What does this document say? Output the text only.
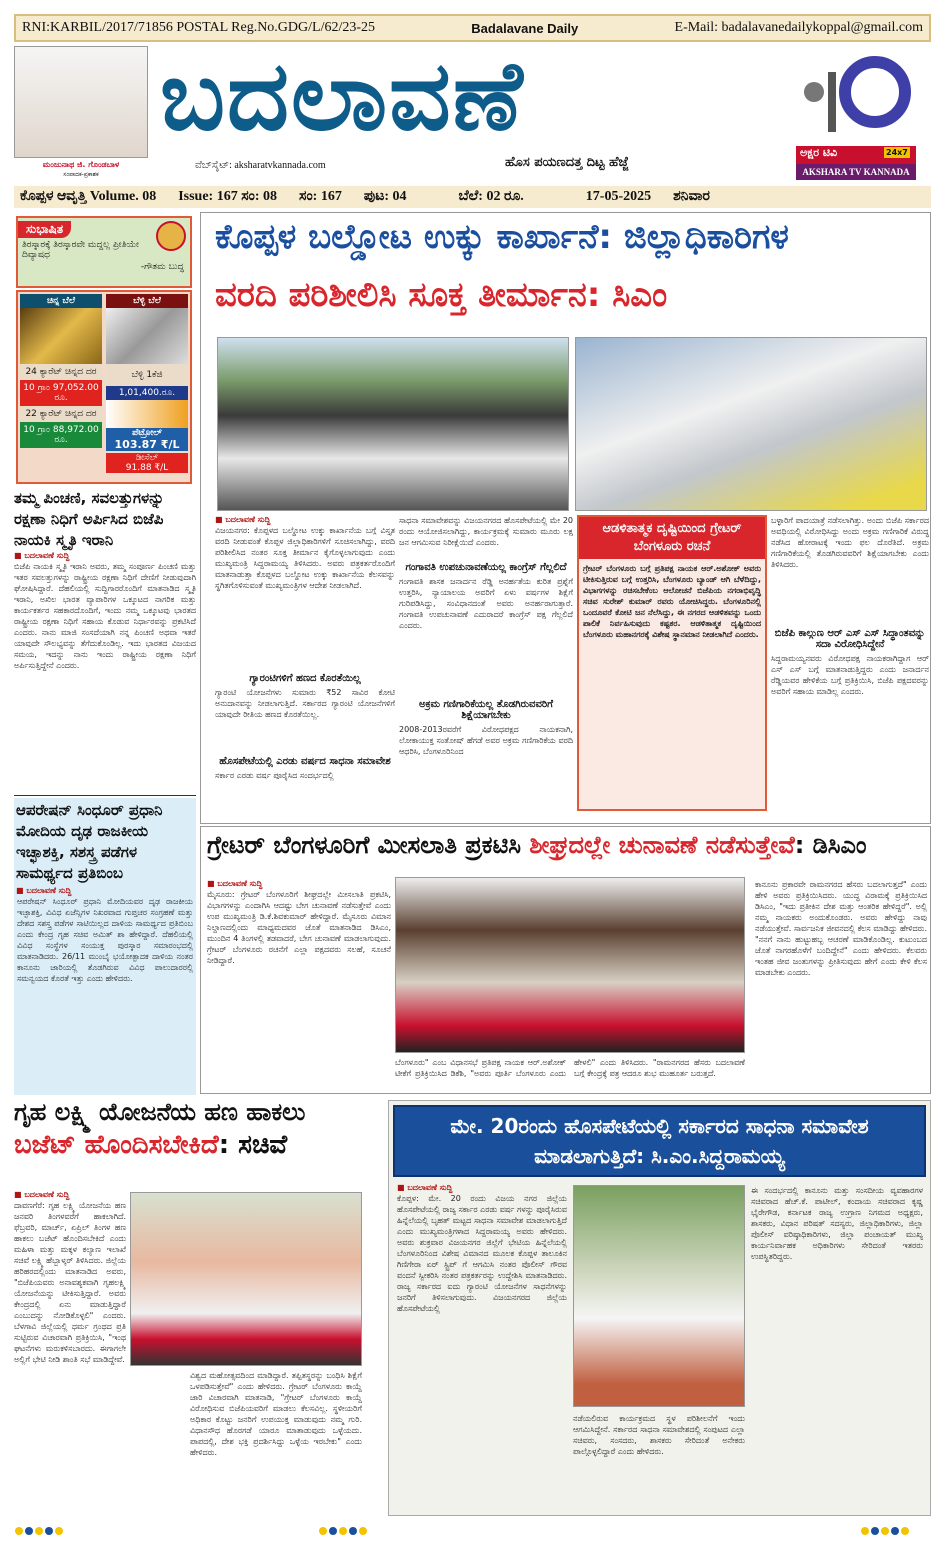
RNI:KARBIL/2017/71856 POSTAL Reg.No.GDG/L/62/23-25	Badalavane Daily	E-Mail: badalavanedailykoppal@gmail.com
ಮಂಜುನಾಥ ಜಿ. ಗೊಂಡಬಾಳ
ಸಂಪಾದಕ-ಪ್ರಕಾಶಕ
ಬದಲಾವಣೆ
ವೆಬ್‌ಸೈಟ್: aksharatvkannada.com	ಹೊಸ ಪಯಣದತ್ತ ದಿಟ್ಟ ಹೆಜ್ಜೆ
ಅಕ್ಷರ ಟಿವಿ	24x7
AKSHARA TV KANNADA
ಕೊಪ್ಪಳ ಆವೃತ್ತಿ Volume. 08 Issue: 167 ಸಂ: 08 ಸಂ: 167 ಪುಟ: 04	ಬೆಲೆ: 02 ರೂ.	17-05-2025 ಶನಿವಾರ
ಸುಭಾಷಿತ
ತಿರಸ್ಕಾರಕ್ಕೆ ತಿರಸ್ಕಾರವೇ ಮದ್ದಲ್ಲ ಪ್ರೀತಿಯೇ ದಿವ್ಯಾಷಧ
-ಗೌತಮ ಬುದ್ಧ
ಚಿನ್ನ ಬೆಲೆ
24 ಕ್ಯಾರೆಟ್ ಚಿನ್ನದ ದರ
10 ಗ್ರಾಂ 97,052.00 ರೂ.
22 ಕ್ಯಾರೆಟ್ ಚಿನ್ನದ ದರ
10 ಗ್ರಾಂ 88,972.00 ರೂ.
ಬೆಳ್ಳಿ ಬೆಲೆ
ಬೆಳ್ಳಿ 1ಕೆಜಿ
1,01,400.ರೂ.
ಪೆಟ್ರೋಲ್
103.87 ₹/L
ಡೀಸೆಲ್
91.88 ₹/L
ತಮ್ಮ ಪಿಂಚಣಿ, ಸವಲತ್ತುಗಳನ್ನು ರಕ್ಷಣಾ ನಿಧಿಗೆ ಅರ್ಪಿಸಿದ ಬಿಜೆಪಿ ನಾಯಕಿ ಸ್ಮೃತಿ ಇರಾನಿ
■ ಬದಲಾವಣೆ ಸುದ್ದಿ
ಬಿಜೆಪಿ ನಾಯಕಿ ಸ್ಮೃತಿ ಇರಾನಿ ಅವರು, ತಮ್ಮ ಸಂಪೂರ್ಣ ಪಿಂಚಣಿ ಮತ್ತು ಇತರ ಸವಲತ್ತುಗಳನ್ನು ರಾಷ್ಟ್ರೀಯ ರಕ್ಷಣಾ ನಿಧಿಗೆ ದೇಣಿಗೆ ನೀಡುವುದಾಗಿ ಘೋಷಿಸಿದ್ದಾರೆ. ದೆಹಲಿಯಲ್ಲಿ ಸುದ್ದಿಗಾರರೊಂದಿಗೆ ಮಾತನಾಡಿದ ಸ್ಮೃತಿ ಇರಾನಿ, ಅಖಿಲ ಭಾರತ ವ್ಯಾಪಾರಿಗಳ ಒಕ್ಕೂಟದ ನಾಗರಿಕ ಮತ್ತು ಕಾರ್ಯಕರ್ತರ ಸಹಕಾರದೊಂದಿಗೆ, ಇಂದು ನಮ್ಮ ಒಕ್ಕೂಟವು ಭಾರತದ ರಾಷ್ಟ್ರೀಯ ರಕ್ಷಣಾ ನಿಧಿಗೆ ಸಹಾಯ ಕೊಡುವ ನಿರ್ಧಾರವನ್ನು ಪ್ರಕಟಿಸಿದೆ ಎಂದರು. ನಾನು ಮಾಜಿ ಸಂಸದೆಯಾಗಿ ನನ್ನ ಪಿಂಚಣಿ ಅಥವಾ ಇತರೆ ಯಾವುದೇ ಸೌಲಭ್ಯವನ್ನು ತೆಗೆದುಕೊಂಡಿಲ್ಲ. ಇದು ಭಾರತದ ವಿಜಯದ ಸಮಯ, ಇದನ್ನು ನಾನು ಇಂದು ರಾಷ್ಟ್ರೀಯ ರಕ್ಷಣಾ ನಿಧಿಗೆ ಅರ್ಪಿಸುತ್ತಿದ್ದೇನೆ ಎಂದರು.
ಆಪರೇಷನ್ ಸಿಂಧೂರ್ ಪ್ರಧಾನಿ ಮೋದಿಯ ದೃಢ ರಾಜಕೀಯ ಇಚ್ಛಾಶಕ್ತಿ, ಸಶಸ್ತ್ರ ಪಡೆಗಳ ಸಾಮರ್ಥ್ಯದ ಪ್ರತಿಬಿಂಬ
■ ಬದಲಾವಣೆ ಸುದ್ದಿ
ಆಪರೇಷನ್ ಸಿಂಧೂರ್ ಪ್ರಧಾನಿ ಮೋದಿಯವರ ದೃಢ ರಾಜಕೀಯ ಇಚ್ಛಾಶಕ್ತಿ, ವಿವಿಧ ಏಜೆನ್ಸಿಗಳ ನಿಖರವಾದ ಗುಪ್ತಚರ ಸಂಗ್ರಹಣೆ ಮತ್ತು ದೇಶದ ಸಶಸ್ತ್ರ ಪಡೆಗಳ ಸಾಟಿಯಿಲ್ಲದ ದಾಳಿಯ ಸಾಮರ್ಥ್ಯದ ಪ್ರತಿಬಿಂಬ ಎಂದು ಕೇಂದ್ರ ಗೃಹ ಸಚಿವ ಅಮಿತ್ ಶಾ ಹೇಳಿದ್ದಾರೆ. ದೆಹಲಿಯಲ್ಲಿ ವಿವಿಧ ಸಂಸ್ಥೆಗಳ ಸಂಯುಕ್ತ ಪುರಸ್ಕಾರ ಸಮಾರಂಭದಲ್ಲಿ ಮಾತನಾಡಿದರು. 26/11 ಮುಂಬೈ ಭಯೋತ್ಪಾದಕ ದಾಳಿಯ ನಂತರ ಕಾನೂನು ಜಾರಿಯಲ್ಲಿ ತೊಡಗಿರುವ ವಿವಿಧ ಪಾಲುದಾರರಲ್ಲಿ ಸಮನ್ವಯದ ಕೊರತೆ ಇತ್ತು ಎಂದು ಹೇಳಿದರು.
ಕೊಪ್ಪಳ ಬಲ್ಡೋಟ ಉಕ್ಕು ಕಾರ್ಖಾನೆ: ಜಿಲ್ಲಾಧಿಕಾರಿಗಳ
ವರದಿ ಪರಿಶೀಲಿಸಿ ಸೂಕ್ತ ತೀರ್ಮಾನ: ಸಿಎಂ
■ ಬದಲಾವಣೆ ಸುದ್ದಿ
ವಿಜಯನಗರ: ಕೊಪ್ಪಳದ ಬಲ್ಡೋಟ ಉಕ್ಕು ಕಾರ್ಖಾನೆಯ ಬಗ್ಗೆ ವಿಸ್ತೃತ ವರದಿ ನೀಡುವಂತೆ ಕೊಪ್ಪಳ ಜಿಲ್ಲಾಧಿಕಾರಿಗಳಿಗೆ ಸೂಚಿಸಲಾಗಿದ್ದು, ವರದಿ ಪರಿಶೀಲಿಸಿದ ನಂತರ ಸೂಕ್ತ ತೀರ್ಮಾನ ಕೈಗೊಳ್ಳಲಾಗುವುದು ಎಂದು ಮುಖ್ಯಮಂತ್ರಿ ಸಿದ್ದರಾಮಯ್ಯ ತಿಳಿಸಿದರು. ಅವರು ಪತ್ರಕರ್ತರೊಂದಿಗೆ ಮಾತನಾಡುತ್ತಾ ಕೊಪ್ಪಳದ ಬಲ್ಡೋಟ ಉಕ್ಕು ಕಾರ್ಖಾನೆಯ ಕೆಲಸವನ್ನು ಸ್ಥಗಿತಗೊಳಿಸುವಂತೆ ಮುಖ್ಯಮಂತ್ರಿಗಳ ಆದೇಶ ನೀಡಲಾಗಿದೆ.
ಗ್ಯಾರಂಟಿಗಳಿಗೆ ಹಣದ ಕೊರತೆಯಿಲ್ಲ
ಗ್ಯಾರಂಟಿ ಯೋಜನೆಗಳು ಸುಮಾರು ₹52 ಸಾವಿರ ಕೋಟಿ ಅನುದಾನವನ್ನು ನೀಡಲಾಗುತ್ತಿದೆ. ಸರ್ಕಾರದ ಗ್ಯಾರಂಟಿ ಯೋಜನೆಗಳಿಗೆ ಯಾವುದೇ ರೀತಿಯ ಹಣದ ಕೊರತೆಯಿಲ್ಲ.
ಹೊಸಪೇಟೆಯಲ್ಲಿ ಎರಡು ವರ್ಷದ ಸಾಧನಾ ಸಮಾವೇಶ
ಸರ್ಕಾರ ಎರಡು ವರ್ಷ ಪೂರೈಸಿದ ಸಂದರ್ಭದಲ್ಲಿ
ಸಾಧನಾ ಸಮಾವೇಶವನ್ನು ವಿಜಯನಗರದ ಹೊಸಪೇಟೆಯಲ್ಲಿ ಮೇ 20 ರಂದು ಆಯೋಜಿಸಲಾಗಿದ್ದು, ಕಾರ್ಯಕ್ರಮಕ್ಕೆ ಸುಮಾರು ಮೂರು ಲಕ್ಷ ಜನ ಆಗಮಿಸುವ ನಿರೀಕ್ಷೆಯಿದೆ ಎಂದರು.
ಗಂಗಾವತಿ ಉಪಚುನಾವಣೆಯಲ್ಲ ಕಾಂಗ್ರೆಸ್ ಗೆಲ್ಲಲಿದೆ
ಗಂಗಾವತಿ ಶಾಸಕ ಜನಾರ್ದನ ರೆಡ್ಡಿ ಅನರ್ಹತೆಯ ಕುರಿತ ಪ್ರಶ್ನೆಗೆ ಉತ್ತರಿಸಿ, ನ್ಯಾಯಾಲಯ ಅವರಿಗೆ ಏಳು ವರ್ಷಗಳ ಶಿಕ್ಷೆಗೆ ಗುರಿಪಡಿಸಿದ್ದು, ಸಂವಿಧಾನದಂತೆ ಅವರು ಅನರ್ಹರಾಗುತ್ತಾರೆ. ಗಂಗಾವತಿ ಉಪಚುನಾವಣೆ ಎದುರಾದರೆ ಕಾಂಗ್ರೆಸ್ ಪಕ್ಷ ಗೆಲ್ಲಲಿದೆ ಎಂದರು.
ಅಕ್ರಮ ಗಣಿಗಾರಿಕೆಯಲ್ಲ ತೊಡಗಿರುವವರಿಗೆ ಶಿಕ್ಷೆಯಾಗಬೇಕು
2008-2013ರವರೆಗೆ ವಿರೋಧಪಕ್ಷದ ನಾಯಕನಾಗಿ, ಲೋಕಾಯುಕ್ತ ಸಂತೋಷ್ ಹೆಗಡೆ ಅವರ ಅಕ್ರಮ ಗಣಿಗಾರಿಕೆಯ ವರದಿ ಆಧರಿಸಿ, ಬೆಂಗಳೂರಿನಿಂದ
ಆಡಳಿತಾತ್ಮಕ ದೃಷ್ಟಿಯಿಂದ ಗ್ರೇಟರ್ ಬೆಂಗಳೂರು ರಚನೆ
ಗ್ರೇಟರ್ ಬೆಂಗಳೂರು ಬಗ್ಗೆ ಪ್ರತಿಪಕ್ಷ ನಾಯಕ ಆರ್.ಅಶೋಕ್ ಅವರು ಟೀಕಿಸುತ್ತಿರುವ ಬಗ್ಗೆ ಉತ್ತರಿಸಿ, ಬೆಂಗಳೂರು ಬ್ಯಾಂಡ್ ಆಗಿ ಬೆಳೆದಿದ್ದು, ವಿಭಾಗಗಳನ್ನು ರಚಿಸಬೇಕೆಂಬ ಆಲೋಚನೆ ಬಿಜೆಪಿಯ ನಗರಾಭಿವೃದ್ಧಿ ಸಚಿವ ಸುರೇಶ್ ಕುಮಾರ್ ರವರು ಯೋಚಿಸಿದ್ದರು. ಬೆಂಗಳೂರಿನಲ್ಲಿ ಒಂದೂವರೆ ಕೋಟಿ ಜನ ನೆಲೆಸಿದ್ದು, ಈ ನಗರದ ಆಡಳಿತವನ್ನು ಒಂದು ಪಾಲಿಕೆ ನಿರ್ವಹಿಸುವುದು ಕಷ್ಟಕರ. ಆಡಳಿತಾತ್ಮಕ ದೃಷ್ಟಿಯಿಂದ ಬೆಂಗಳೂರು ಮಹಾನಗರಕ್ಕೆ ವಿಶೇಷ ಸ್ಥಾನಮಾನ ನೀಡಲಾಗಿದೆ ಎಂದರು.
ಬಳ್ಳಾರಿಗೆ ಪಾದಯಾತ್ರೆ ನಡೆಸಲಾಗಿತ್ತು. ಅಂದು ಬಿಜೆಪಿ ಸರ್ಕಾರದ ಅವಧಿಯಲ್ಲಿ ವಿರೋಧಿಸಿದ್ದು ಅಂದು ಅಕ್ರಮ ಗಣಿಗಾರಿಕೆ ವಿರುದ್ಧ ನಡೆಸಿದ ಹೋರಾಟಕ್ಕೆ ಇಂದು ಫಲ ದೊರೆತಿದೆ. ಅಕ್ರಮ ಗಣಿಗಾರಿಕೆಯಲ್ಲಿ ತೊಡಗಿರುವವರಿಗೆ ಶಿಕ್ಷೆಯಾಗಬೇಕು ಎಂದು ತಿಳಿಸಿದರು.
ಬಿಜೆಪಿ ಕಾಲ್ಗುಣ ಆರ್ ಎಸ್ ಎಸ್ ಸಿದ್ಧಾಂತವನ್ನು ಸದಾ ವಿರೋಧಿಸಿದ್ದೇನೆ
ಸಿದ್ದರಾಮಯ್ಯನವರು ವಿರೋಧಪಕ್ಷ ನಾಯಕರಾಗಿದ್ದಾಗ ಆರ್ ಎಸ್ ಎಸ್ ಬಗ್ಗೆ ಮಾತನಾಡುತ್ತಿದ್ದರು ಎಂದು ಜನಾರ್ದನ ರೆಡ್ಡಿಯವರ ಹೇಳಿಕೆಯ ಬಗ್ಗೆ ಪ್ರತಿಕ್ರಿಯಿಸಿ, ಬಿಜೆಪಿ ಪಕ್ಷದವರನ್ನು ಅವರಿಗೆ ಸಹಾಯ ಮಾಡಿಲ್ಲ ಎಂದರು.
ಗ್ರೇಟರ್ ಬೆಂಗಳೂರಿಗೆ ಮೀಸಲಾತಿ ಪ್ರಕಟಿಸಿ ಶೀಘ್ರದಲ್ಲೇ ಚುನಾವಣೆ ನಡೆಸುತ್ತೇವೆ: ಡಿಸಿಎಂ
■ ಬದಲಾವಣೆ ಸುದ್ದಿ
ಮೈಸೂರು: ಗ್ರೇಟರ್ ಬೆಂಗಳೂರಿಗೆ ಶೀಘ್ರದಲ್ಲೇ ಮೀಸಲಾತಿ ಪ್ರಕಟಿಸಿ, ವಿಭಾಗಗಳನ್ನು ಎಂದಾಗಿಸಿ ಆದಷ್ಟು ಬೇಗ ಚುನಾವಣೆ ನಡೆಸುತ್ತೇವೆ ಎಂದು ಉಪ ಮುಖ್ಯಮಂತ್ರಿ ಡಿ.ಕೆ.ಶಿವಕುಮಾರ್ ಹೇಳಿದ್ದಾರೆ. ಮೈಸೂರು ವಿಮಾನ ನಿಲ್ದಾಣದಲ್ಲಿಂದು ಮಾಧ್ಯಮದವರ ಜೊತೆ ಮಾತನಾಡಿದ ಡಿಸಿಎಂ, ಮುಂದಿನ 4 ತಿಂಗಳಲ್ಲಿ ತಡವಾದರೆ, ಬೇಗ ಚುನಾವಣೆ ಮಾಡಲಾಗುವುದು. ಗ್ರೇಟರ್ ಬೆಂಗಳೂರು ರಚನೆಗೆ ಎಲ್ಲಾ ಪಕ್ಷದವರು ಸಲಹೆ, ಸೂಚನೆ ನೀಡಿದ್ದಾರೆ.
ಬೆಂಗಳೂರು" ಎಂಬ ವಿಧಾನಸಭೆ ಪ್ರತಿಪಕ್ಷ ನಾಯಕ ಆರ್.ಅಶೋಕ್ ಟೀಕೆಗೆ ಪ್ರತಿಕ್ರಿಯಿಸಿದ ಡಿಕೆಶಿ, "ಅವರು ಪೂರ್ತಿ ಬೆಂಗಳೂರು ಎಂದು ಹೇಳಲಿ" ಎಂದು ತಿಳಿಸಿದರು. "ರಾಮನಗರದ ಹೆಸರು ಬದಲಾವಣೆ ಬಗ್ಗೆ ಕೇಂದ್ರಕ್ಕೆ ಪತ್ರ ಆದರೂ ಶುಭ ಮುಹೂರ್ತ ಬರುತ್ತದೆ.
ಕಾನೂನು ಪ್ರಕಾರವೇ ರಾಮನಗರದ ಹೆಸರು ಬದಲಾಗುತ್ತದೆ" ಎಂದು ಹೇಳಿ ಅವರು ಪ್ರತಿಕ್ರಿಯಿಸಿದರು. ಯುದ್ಧ ವಿರಾಮಕ್ಕೆ ಪ್ರತಿಕ್ರಿಯಿಸಿದ ಡಿಸಿಎಂ, "ಇದು ಪ್ರತೀಕಿನ ದೇಶ ಮತ್ತು ಆಂತರಿಕ ಹೇಳಿದ್ದರೆ". ಅಲ್ಲಿ ನಮ್ಮ ನಾಯಕರು ಅಂದುಕೊಂಡರು. ಅವರು ಹೇಳಿದ್ದು ನಾವು ನಡೆಯುತ್ತೇವೆ. ಸಾರ್ವಜನಿಕ ಜೀವನದಲ್ಲಿ ಕೆಲಸ ಮಾಡಿದ್ದು ಹೇಳಿದರು. "ನನಗೆ ನಾನು ಹುಟ್ಟುಹಬ್ಬ ಆಚರಣೆ ಮಾಡಿಕೊಂಡಿಲ್ಲ. ಕುಟುಂಬದ ಜೊತೆ ನಾಗರಹೊಳೆಗೆ ಬಂದಿದ್ದೇನೆ" ಎಂದು ಹೇಳಿದರು. ಕೆಲವರು ಇಂತಹ ಜೀವ ಜಂತುಗಳನ್ನು ಪ್ರೀತಿಸುವುದು ಹೇಗೆ ಎಂದು ಕೇಳಿ ಕೆಲಸ ಮಾಡಬೇಕು ಎಂದರು.
ಗೃಹ ಲಕ್ಷ್ಮಿ ಯೋಜನೆಯ ಹಣ ಹಾಕಲು
ಬಜೆಟ್ ಹೊಂದಿಸಬೇಕಿದೆ: ಸಚಿವೆ
■ ಬದಲಾವಣೆ ಸುದ್ದಿ
ದಾವಣಗೆರೆ: ಗೃಹ ಲಕ್ಷ್ಮಿ ಯೋಜನೆಯ ಹಣ ಜನವರಿ ತಿಂಗಳವರೆಗೆ ಹಾಕಲಾಗಿದೆ. ಫೆಬ್ರವರಿ, ಮಾರ್ಚ್, ಏಪ್ರಿಲ್ ತಿಂಗಳ ಹಣ ಹಾಕಲು ಬಜೆಟ್ ಹೊಂದಿಸಬೇಕಿದೆ ಎಂದು ಮಹಿಳಾ ಮತ್ತು ಮಕ್ಕಳ ಕಲ್ಯಾಣ ಇಲಾಖೆ ಸಚಿವೆ ಲಕ್ಷ್ಮಿ ಹೆಬ್ಬಾಳ್ಕರ್ ತಿಳಿಸಿದರು. ಜಿಲ್ಲೆಯ ಹರಿಹರದಲ್ಲಿಂದು ಮಾತನಾಡಿದ ಅವರು, "ಬಿಜೆಪಿಯವರು ಅನಾವಶ್ಯಕವಾಗಿ ಗೃಹಲಕ್ಷ್ಮಿ ಯೋಜನೆಯನ್ನು ಟೀಕಿಸುತ್ತಿದ್ದಾರೆ. ಅವರು ಕೇಂದ್ರದಲ್ಲಿ ಏನು ಮಾಡುತ್ತಿದ್ದಾರೆ ಎಂಬುದನ್ನು ನೋಡಿಕೊಳ್ಳಲಿ" ಎಂದರು. ಬೆಳಗಾವಿ ಜಿಲ್ಲೆಯಲ್ಲಿ ಧರ್ಮ ಗ್ರಂಥದ ಪ್ರತಿ ಸುಟ್ಟಿರುವ ವಿಚಾರವಾಗಿ ಪ್ರತಿಕ್ರಿಯಿಸಿ, "ಇಂಥ ಘಟನೆಗಳು ಮರುಕಳಿಸಬಾರದು. ಈಗಾಗಲೇ ಅಲ್ಲಿಗೆ ಭೇಟಿ ನೀಡಿ ಶಾಂತಿ ಸಭೆ ಮಾಡಿದ್ದೇವೆ.
ವಿಶ್ವದ ಮಹೋತ್ಸವದಿಂದ ಮಾಡಿದ್ದಾರೆ. ತಪ್ಪಿತಸ್ಥರನ್ನು ಬಂಧಿಸಿ ಶಿಕ್ಷೆಗೆ ಒಳಪಡಿಸುತ್ತೇವೆ" ಎಂದು ಹೇಳಿದರು. ಗ್ರೇಟರ್ ಬೆಂಗಳೂರು ಕಾಯ್ದೆ ಜಾರಿ ವಿಚಾರವಾಗಿ ಮಾತನಾಡಿ, "ಗ್ರೇಟರ್ ಬೆಂಗಳೂರು ಕಾಯ್ದೆ ವಿರೋಧಿಸುವ ಬಿಜೆಪಿಯವರಿಗೆ ಮಾಡಲು ಕೆಲಸವಿಲ್ಲ. ಸ್ಥಳೀಯರಿಗೆ ಅಧಿಕಾರ ಕೊಟ್ಟು ಜನರಿಗೆ ಉಪಯುಕ್ತ ಮಾಡುವುದು ನಮ್ಮ ಗುರಿ. ವಿಧಾನಸೌಧ ಹೊರಗಡೆ ಯಾರೂ ಮಾತಾಡುವುದು ಒಳ್ಳೆಯದು. ಪಾಪದಲ್ಲಿ, ದೇಶ ಭಕ್ತಿ ಪ್ರದರ್ಶಿಸಿದ್ದು ಒಳ್ಳೆಯ ಇರಬೇಕು" ಎಂದು ಹೇಳಿದರು.
ಮೇ. 20ರಂದು ಹೊಸಪೇಟೆಯಲ್ಲಿ ಸರ್ಕಾರದ ಸಾಧನಾ ಸಮಾವೇಶ ಮಾಡಲಾಗುತ್ತಿದೆ: ಸಿ.ಎಂ.ಸಿದ್ದರಾಮಯ್ಯ
■ ಬದಲಾವಣೆ ಸುದ್ದಿ
ಕೊಪ್ಪಳ: ಮೇ. 20 ರಂದು ವಿಜಯ ನಗರ ಜಿಲ್ಲೆಯ ಹೊಸಪೇಟೆಯಲ್ಲಿ ರಾಜ್ಯ ಸರ್ಕಾರ ಎರಡು ವರ್ಷ ಗಳನ್ನು ಪೂರೈಸಿರುವ ಹಿನ್ನೆಲೆಯಲ್ಲಿ ಬೃಹತ್ ಮಟ್ಟದ ಸಾಧನಾ ಸಮಾವೇಶ ಮಾಡಲಾಗುತ್ತಿದೆ ಎಂದು ಮುಖ್ಯಮಂತ್ರಿಗಳಾದ ಸಿದ್ದರಾಮಯ್ಯ ಅವರು ಹೇಳಿದರು. ಅವರು ಶುಕ್ರವಾರ ವಿಜಯನಗರ ಜಿಲ್ಲೆಗೆ ಭೇಟಿಯ ಹಿನ್ನೆಲೆಯಲ್ಲಿ ಬೆಂಗಳೂರಿನಿಂದ ವಿಶೇಷ ವಿಮಾನದ ಮೂಲಕ ಕೊಪ್ಪಳ ತಾಲೂಕಿನ ಗಿಣಿಗೇರಾ ಏರ್ ಸ್ಟ್ರಿಪ್ ಗೆ ಆಗಮಿಸಿ ನಂತರ ಪೊಲೀಸ್ ಗೌರವ ವಂದನೆ ಸ್ವೀಕರಿಸಿ ನಂತರ ಪತ್ರಕರ್ತರನ್ನು ಉದ್ದೇಶಿಸಿ ಮಾತನಾಡಿದರು. ರಾಜ್ಯ ಸರ್ಕಾರದ ಐದು ಗ್ಯಾರಂಟಿ ಯೋಜನೆಗಳ ಸಾಧನೆಗಳನ್ನು ಜನರಿಗೆ ತಿಳಿಸಲಾಗುವುದು. ವಿಜಯನಗರದ ಜಿಲ್ಲೆಯ ಹೊಸಪೇಟೆಯಲ್ಲಿ
ನಡೆಯಲಿರುವ ಕಾರ್ಯಕ್ರಮದ ಸ್ಥಳ ಪರಿಶೀಲನೆಗೆ ಇಂದು ಆಗಮಿಸಿದ್ದೇನೆ. ಸರ್ಕಾರದ ಸಾಧನಾ ಸಮಾವೇಶದಲ್ಲಿ ಸಂಪುಟದ ಎಲ್ಲಾ ಸಚಿವರು, ಸಂಸದರು, ಶಾಸಕರು ಸೇರಿದಂತೆ ಅನೇಕರು ಪಾಲ್ಗೊಳ್ಳಲಿದ್ದಾರೆ ಎಂದು ಹೇಳಿದರು.
ಈ ಸಂದರ್ಭದಲ್ಲಿ ಕಾನೂನು ಮತ್ತು ಸಂಸದೀಯ ವ್ಯವಹಾರಗಳ ಸಚಿವರಾದ ಹೆಚ್.ಕೆ. ಪಾಟೀಲ್, ಕಂದಾಯ ಸಚಿವರಾದ ಕೃಷ್ಣ ಭೈರೇಗೌಡ, ಕರ್ನಾಟಕ ರಾಜ್ಯ ಉಗ್ರಾಣ ನಿಗಮದ ಅಧ್ಯಕ್ಷರು, ಶಾಸಕರು, ವಿಧಾನ ಪರಿಷತ್ ಸದಸ್ಯರು, ಜಿಲ್ಲಾಧಿಕಾರಿಗಳು, ಜಿಲ್ಲಾ ಪೊಲೀಸ್ ವರಿಷ್ಠಾಧಿಕಾರಿಗಳು, ಜಿಲ್ಲಾ ಪಂಚಾಯತ್ ಮುಖ್ಯ ಕಾರ್ಯನಿರ್ವಾಹಕ ಅಧಿಕಾರಿಗಳು ಸೇರಿದಂತೆ ಇತರರು ಉಪಸ್ಥಿತರಿದ್ದರು.
